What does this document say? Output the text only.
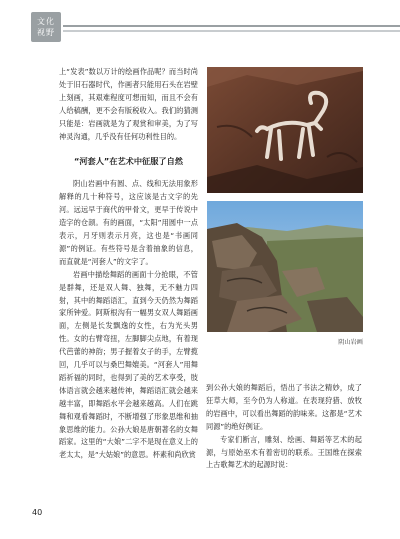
文化
视野

上“发表”数以万计的绘画作品呢？而当时尚处于旧石器时代，作画者只能用石头在岩壁上刻画，其艰难程度可想而知，而且不会有人给稿酬，更不会有版税收入。我们的猜测只能是：岩画就是为了观赏和审美，为了写神灵沟通，几乎没有任何功利性目的。

“河套人”在艺术中征服了自然

阴山岩画中有圆、点、线和无法用象形解释的几十种符号，这应该是古文字的先河。远远早于商代的甲骨文，更早于传说中造字的仓颉。有的画面，“太阳”用圆中一点表示，月牙则表示月亮，这也是“书画同源”的例证。有些符号是含着抽象的信息，而直就是“河套人”的文字了。

岩画中描绘舞蹈的画面十分抢眼，不管是群舞，还是双人舞、独舞，无不魅力四射，其中的舞蹈语汇，直到今天仍然为舞蹈家所钟爱。阿斯根沟有一幅男女双人舞蹈画面，左侧是长发飘逸的女性，右为光头男性。女的右臂弯扭，左脚脚尖点地，有着现代芭蕾的神韵；男子握着女子的手，左臂揽回，几乎可以与桑巴舞媲美。“河套人”用舞蹈祈福的同时，也得到了美的艺术享受，肢体语言就会越来越传神，舞蹈语汇就会越来越丰富，即舞蹈水平会越来越高。人们在跳舞和观看舞蹈时，不断增强了形象思维和抽象思维的能力。公孙大娘是唐朝著名的女舞蹈家。这里的“大娘”二字不是现在意义上的老太太，是“大姑娘”的意思。杯素和尚欣赏

阴山岩画

到公孙大娘的舞蹈后，悟出了书法之精妙，成了狂草大师，至今仍为人称道。在表现狩猎、放牧的岩画中，可以看出舞蹈的韵味来。这都是“艺术同源”的绝好例证。

专家们断言，雕刻、绘画、舞蹈等艺术的起源，与原始巫术有着密切的联系。王国维在探索上古歌舞艺术的起源时说：

40
